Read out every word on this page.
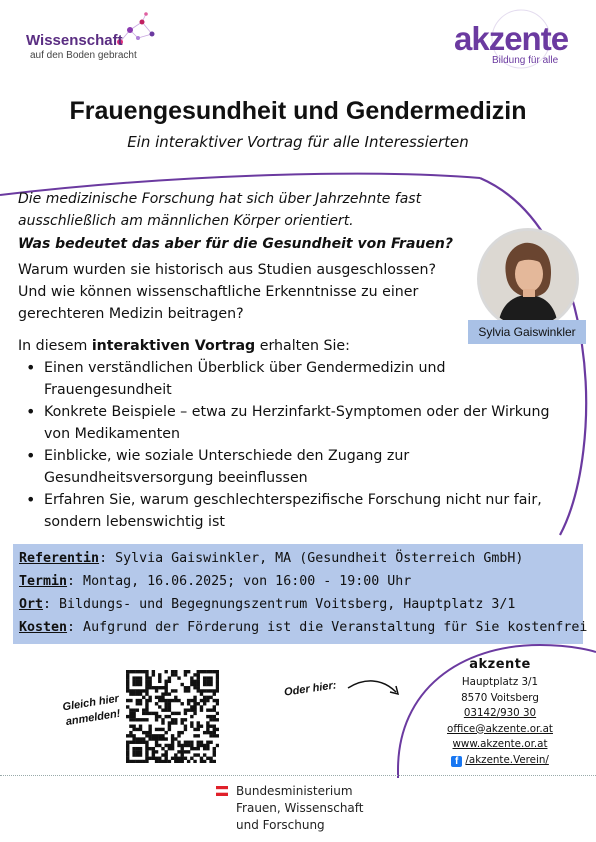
Wissenschaft
auf den Boden gebracht	akzente
Bildung für alle
Frauengesundheit und Gendermedizin
Ein interaktiver Vortrag für alle Interessierten
Die medizinische Forschung hat sich über Jahrzehnte fast
ausschließlich am männlichen Körper orientiert.
Was bedeutet das aber für die Gesundheit von Frauen?
Warum wurden sie historisch aus Studien ausgeschlossen?
Und wie können wissenschaftliche Erkenntnisse zu einer
gerechteren Medizin beitragen?
Sylvia Gaiswinkler
In diesem interaktiven Vortrag erhalten Sie:
• Einen verständlichen Überblick über Gendermedizin und
Frauengesundheit
• Konkrete Beispiele – etwa zu Herzinfarkt-Symptomen oder der Wirkung
von Medikamenten
• Einblicke, wie soziale Unterschiede den Zugang zur
Gesundheitsversorgung beeinflussen
• Erfahren Sie, warum geschlechterspezifische Forschung nicht nur fair,
sondern lebenswichtig ist
Referentin: Sylvia Gaiswinkler, MA (Gesundheit Österreich GmbH)
Termin: Montag, 16.06.2025; von 16:00 - 19:00 Uhr
Ort: Bildungs- und Begegnungszentrum Voitsberg, Hauptplatz 3/1
Kosten: Aufgrund der Förderung ist die Veranstaltung für Sie kostenfrei
Gleich hier
anmelden!
Oder hier:
akzente
Hauptplatz 3/1
8570 Voitsberg
03142/930 30
office@akzente.or.at
www.akzente.or.at
f /akzente.Verein/
Bundesministerium
Frauen, Wissenschaft
und Forschung
